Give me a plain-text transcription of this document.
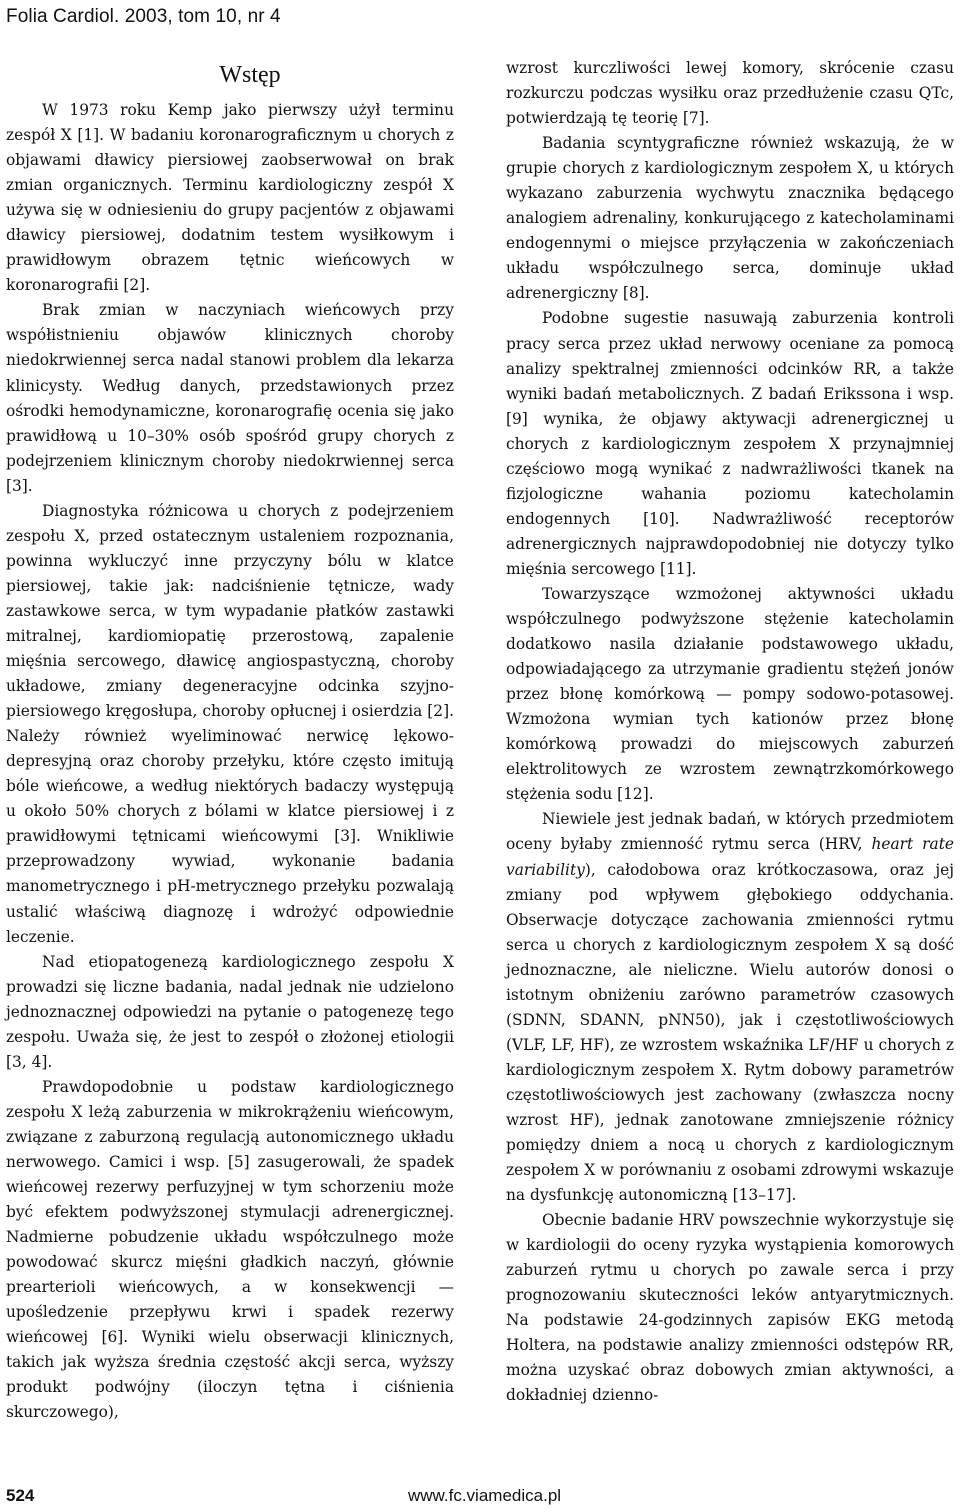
Folia Cardiol. 2003, tom 10, nr 4
Wstęp

W 1973 roku Kemp jako pierwszy użył terminu zespół X [1]. W badaniu koronarograficznym u chorych z objawami dławicy piersiowej zaobserwował on brak zmian organicznych. Terminu kardiologiczny zespół X używa się w odniesieniu do grupy pacjentów z objawami dławicy piersiowej, dodatnim testem wysiłkowym i prawidłowym obrazem tętnic wieńcowych w koronarografii [2].

Brak zmian w naczyniach wieńcowych przy współistnieniu objawów klinicznych choroby niedokrwiennej serca nadal stanowi problem dla lekarza klinicysty. Według danych, przedstawionych przez ośrodki hemodynamiczne, koronarografię ocenia się jako prawidłową u 10–30% osób spośród grupy chorych z podejrzeniem klinicznym choroby niedokrwiennej serca [3].

Diagnostyka różnicowa u chorych z podejrzeniem zespołu X, przed ostatecznym ustaleniem rozpoznania, powinna wykluczyć inne przyczyny bólu w klatce piersiowej, takie jak: nadciśnienie tętnicze, wady zastawkowe serca, w tym wypadanie płatków zastawki mitralnej, kardiomiopatię przerostową, zapalenie mięśnia sercowego, dławicę angiospastyczną, choroby układowe, zmiany degeneracyjne odcinka szyjno-piersiowego kręgosłupa, choroby opłucnej i osierdzia [2]. Należy również wyeliminować nerwicę lękowo-depresyjną oraz choroby przełyku, które często imitują bóle wieńcowe, a według niektórych badaczy występują u około 50% chorych z bólami w klatce piersiowej i z prawidłowymi tętnicami wieńcowymi [3]. Wnikliwie przeprowadzony wywiad, wykonanie badania manometrycznego i pH-metrycznego przełyku pozwalają ustalić właściwą diagnozę i wdrożyć odpowiednie leczenie.

Nad etiopatogenezą kardiologicznego zespołu X prowadzi się liczne badania, nadal jednak nie udzielono jednoznacznej odpowiedzi na pytanie o patogenezę tego zespołu. Uważa się, że jest to zespół o złożonej etiologii [3, 4].

Prawdopodobnie u podstaw kardiologicznego zespołu X leżą zaburzenia w mikrokrążeniu wieńcowym, związane z zaburzoną regulacją autonomicznego układu nerwowego. Camici i wsp. [5] zasugerowali, że spadek wieńcowej rezerwy perfuzyjnej w tym schorzeniu może być efektem podwyższonej stymulacji adrenergicznej. Nadmierne pobudzenie układu współczulnego może powodować skurcz mięśni gładkich naczyń, głównie prearterioli wieńcowych, a w konsekwencji — upośledzenie przepływu krwi i spadek rezerwy wieńcowej [6]. Wyniki wielu obserwacji klinicznych, takich jak wyższa średnia częstość akcji serca, wyższy produkt podwójny (iloczyn tętna i ciśnienia skurczowego),

wzrost kurczliwości lewej komory, skrócenie czasu rozkurczu podczas wysiłku oraz przedłużenie czasu QTc, potwierdzają tę teorię [7].

Badania scyntygraficzne również wskazują, że w grupie chorych z kardiologicznym zespołem X, u których wykazano zaburzenia wychwytu znacznika będącego analogiem adrenaliny, konkurującego z katecholaminami endogennymi o miejsce przyłączenia w zakończeniach układu współczulnego serca, dominuje układ adrenergiczny [8].

Podobne sugestie nasuwają zaburzenia kontroli pracy serca przez układ nerwowy oceniane za pomocą analizy spektralnej zmienności odcinków RR, a także wyniki badań metabolicznych. Z badań Erikssona i wsp. [9] wynika, że objawy aktywacji adrenergicznej u chorych z kardiologicznym zespołem X przynajmniej częściowo mogą wynikać z nadwrażliwości tkanek na fizjologiczne wahania poziomu katecholamin endogennych [10]. Nadwrażliwość receptorów adrenergicznych najprawdopodobniej nie dotyczy tylko mięśnia sercowego [11].

Towarzyszące wzmożonej aktywności układu współczulnego podwyższone stężenie katecholamin dodatkowo nasila działanie podstawowego układu, odpowiadającego za utrzymanie gradientu stężeń jonów przez błonę komórkową — pompy sodowo-potasowej. Wzmożona wymian tych kationów przez błonę komórkową prowadzi do miejscowych zaburzeń elektrolitowych ze wzrostem zewnątrzkomórkowego stężenia sodu [12].

Niewiele jest jednak badań, w których przedmiotem oceny byłaby zmienność rytmu serca (HRV, heart rate variability), całodobowa oraz krótkoczasowa, oraz jej zmiany pod wpływem głębokiego oddychania. Obserwacje dotyczące zachowania zmienności rytmu serca u chorych z kardiologicznym zespołem X są dość jednoznaczne, ale nieliczne. Wielu autorów donosi o istotnym obniżeniu zarówno parametrów czasowych (SDNN, SDANN, pNN50), jak i częstotliwościowych (VLF, LF, HF), ze wzrostem wskaźnika LF/HF u chorych z kardiologicznym zespołem X. Rytm dobowy parametrów częstotliwościowych jest zachowany (zwłaszcza nocny wzrost HF), jednak zanotowane zmniejszenie różnicy pomiędzy dniem a nocą u chorych z kardiologicznym zespołem X w porównaniu z osobami zdrowymi wskazuje na dysfunkcję autonomiczną [13–17].

Obecnie badanie HRV powszechnie wykorzystuje się w kardiologii do oceny ryzyka wystąpienia komorowych zaburzeń rytmu u chorych po zawale serca i przy prognozowaniu skuteczności leków antyarytmicznych. Na podstawie 24-godzinnych zapisów EKG metodą Holtera, na podstawie analizy zmienności odstępów RR, można uzyskać obraz dobowych zmian aktywności, a dokładniej dzienno-

524	www.fc.viamedica.pl
